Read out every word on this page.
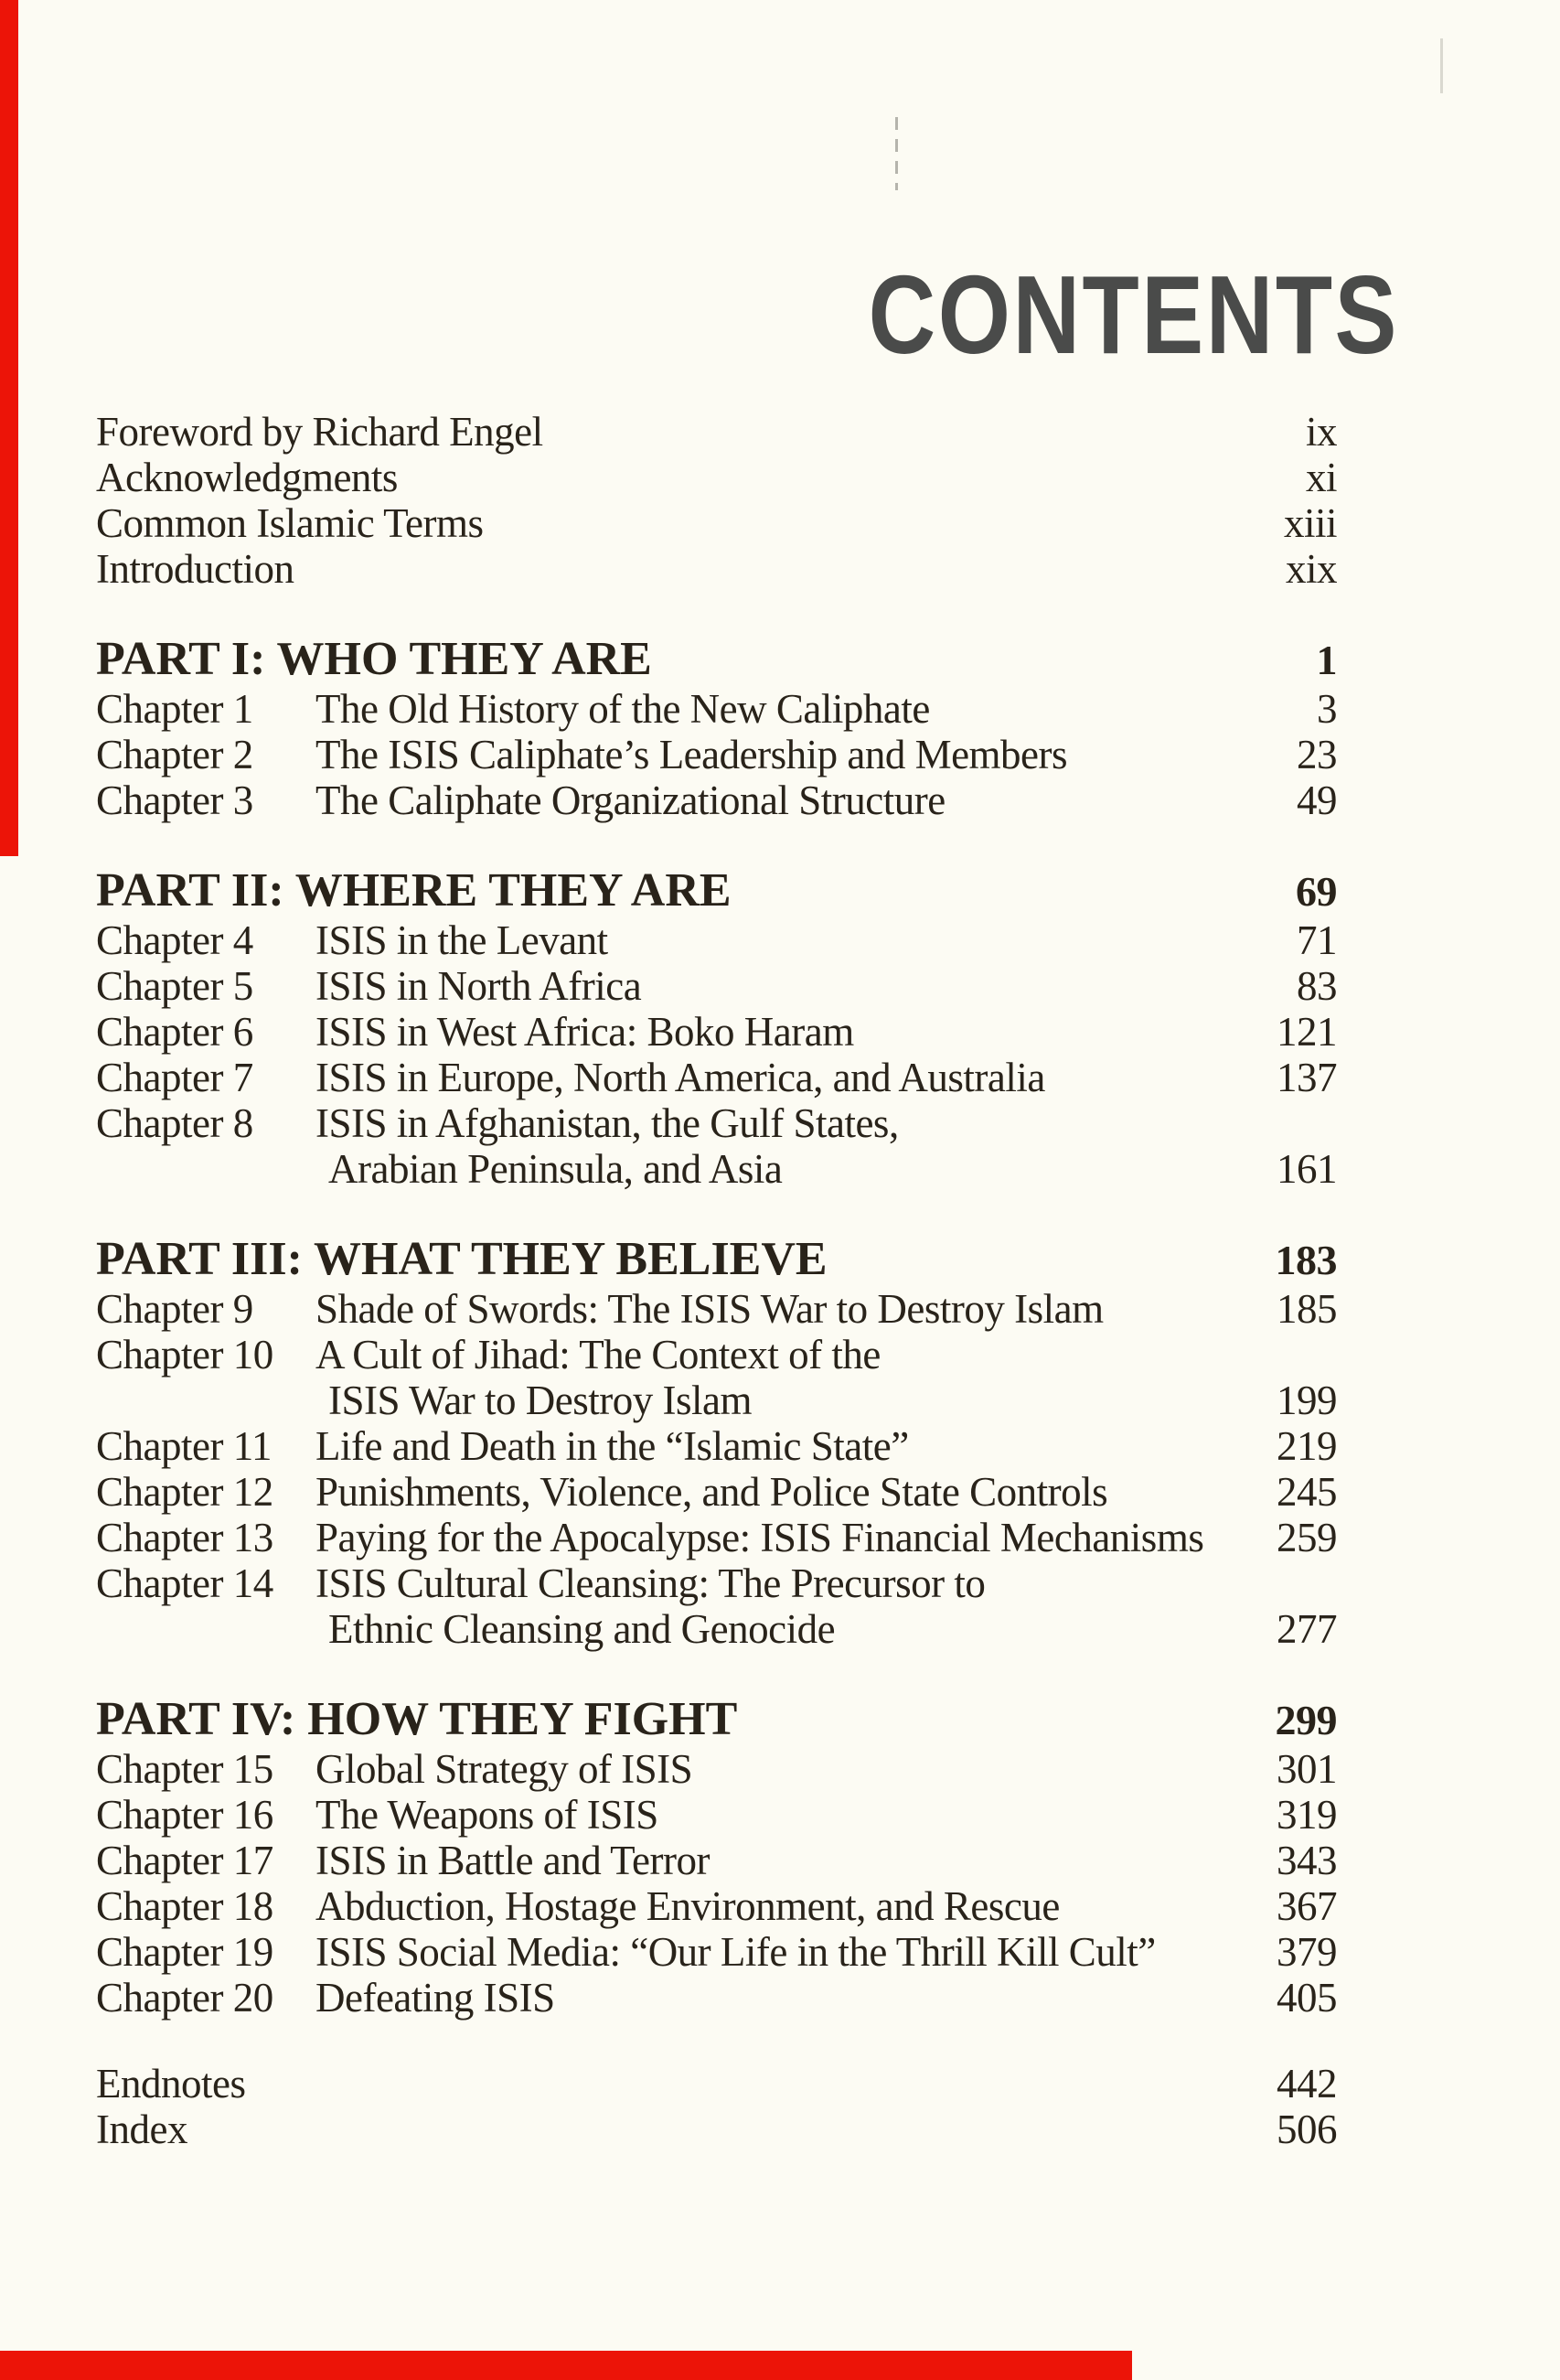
CONTENTS
Foreword by Richard Engel	ix
Acknowledgments	xi
Common Islamic Terms	xiii
Introduction	xix
PART I: WHO THEY ARE	1
Chapter 1	The Old History of the New Caliphate	3
Chapter 2	The ISIS Caliphate’s Leadership and Members	23
Chapter 3	The Caliphate Organizational Structure	49
PART II: WHERE THEY ARE	69
Chapter 4	ISIS in the Levant	71
Chapter 5	ISIS in North Africa	83
Chapter 6	ISIS in West Africa: Boko Haram	121
Chapter 7	ISIS in Europe, North America, and Australia	137
Chapter 8	ISIS in Afghanistan, the Gulf States,
Arabian Peninsula, and Asia	161
PART III: WHAT THEY BELIEVE	183
Chapter 9	Shade of Swords: The ISIS War to Destroy Islam	185
Chapter 10	A Cult of Jihad: The Context of the
ISIS War to Destroy Islam	199
Chapter 11	Life and Death in the “Islamic State”	219
Chapter 12	Punishments, Violence, and Police State Controls	245
Chapter 13	Paying for the Apocalypse: ISIS Financial Mechanisms	259
Chapter 14	ISIS Cultural Cleansing: The Precursor to
Ethnic Cleansing and Genocide	277
PART IV: HOW THEY FIGHT	299
Chapter 15	Global Strategy of ISIS	301
Chapter 16	The Weapons of ISIS	319
Chapter 17	ISIS in Battle and Terror	343
Chapter 18	Abduction, Hostage Environment, and Rescue	367
Chapter 19	ISIS Social Media: “Our Life in the Thrill Kill Cult”	379
Chapter 20	Defeating ISIS	405
Endnotes	442
Index	506
